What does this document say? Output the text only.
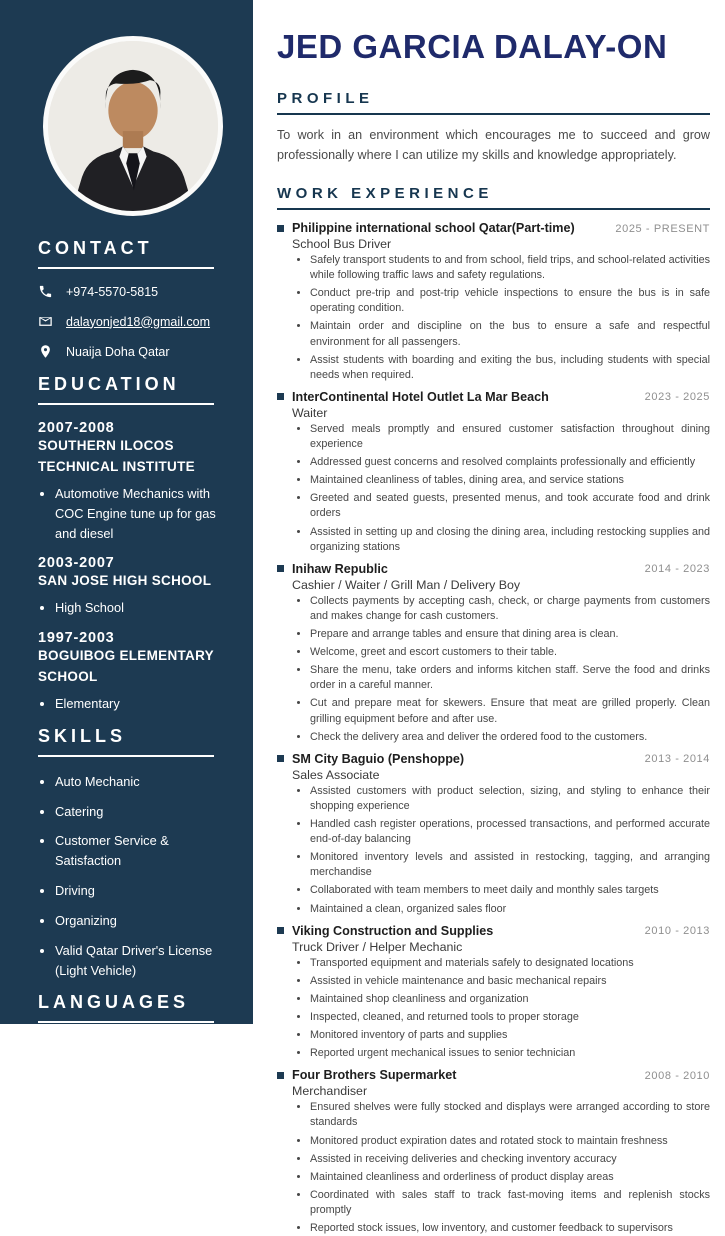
CONTACT
+974-5570-5815
dalayonjed18@gmail.com
Nuaija Doha Qatar
EDUCATION
2007-2008
SOUTHERN ILOCOS TECHNICAL INSTITUTE
• Automotive Mechanics with COC Engine tune up for gas and diesel
2003-2007
SAN JOSE HIGH SCHOOL
• High School
1997-2003
BOGUIBOG ELEMENTARY SCHOOL
• Elementary
SKILLS
• Auto Mechanic
• Catering
• Customer Service & Satisfaction
• Driving
• Organizing
• Valid Qatar Driver's License (Light Vehicle)
LANGUAGES
• English
• Tagalog
JED GARCIA DALAY-ON
PROFILE

To work in an environment which encourages me to succeed and grow professionally where I can utilize my skills and knowledge appropriately.

WORK EXPERIENCE
Philippine international school Qatar(Part-time)	2025 - PRESENT
School Bus Driver
• Safely transport students to and from school, field trips, and school-related activities while following traffic laws and safety regulations.
• Conduct pre-trip and post-trip vehicle inspections to ensure the bus is in safe operating condition.
• Maintain order and discipline on the bus to ensure a safe and respectful environment for all passengers.
• Assist students with boarding and exiting the bus, including students with special needs when required.
InterContinental Hotel Outlet La Mar Beach	2023 - 2025
Waiter
• Served meals promptly and ensured customer satisfaction throughout dining experience
• Addressed guest concerns and resolved complaints professionally and efficiently
• Maintained cleanliness of tables, dining area, and service stations
• Greeted and seated guests, presented menus, and took accurate food and drink orders
• Assisted in setting up and closing the dining area, including restocking supplies and organizing stations
Inihaw Republic	2014 - 2023
Cashier / Waiter / Grill Man / Delivery Boy
• Collects payments by accepting cash, check, or charge payments from customers and makes change for cash customers.
• Prepare and arrange tables and ensure that dining area is clean.
• Welcome, greet and escort customers to their table.
• Share the menu, take orders and informs kitchen staff. Serve the food and drinks order in a careful manner.
• Cut and prepare meat for skewers. Ensure that meat are grilled properly. Clean grilling equipment before and after use.
• Check the delivery area and deliver the ordered food to the customers.
SM City Baguio (Penshoppe)	2013 - 2014
Sales Associate
• Assisted customers with product selection, sizing, and styling to enhance their shopping experience
• Handled cash register operations, processed transactions, and performed accurate end-of-day balancing
• Monitored inventory levels and assisted in restocking, tagging, and arranging merchandise
• Collaborated with team members to meet daily and monthly sales targets
• Maintained a clean, organized sales floor
Viking Construction and Supplies	2010 - 2013
Truck Driver / Helper Mechanic
• Transported equipment and materials safely to designated locations
• Assisted in vehicle maintenance and basic mechanical repairs
• Maintained shop cleanliness and organization
• Inspected, cleaned, and returned tools to proper storage
• Monitored inventory of parts and supplies
• Reported urgent mechanical issues to senior technician
Four Brothers Supermarket	2008 - 2010
Merchandiser
• Ensured shelves were fully stocked and displays were arranged according to store standards
• Monitored product expiration dates and rotated stock to maintain freshness
• Assisted in receiving deliveries and checking inventory accuracy
• Maintained cleanliness and orderliness of product display areas
• Coordinated with sales staff to track fast-moving items and replenish stocks promptly
• Reported stock issues, low inventory, and customer feedback to supervisors
